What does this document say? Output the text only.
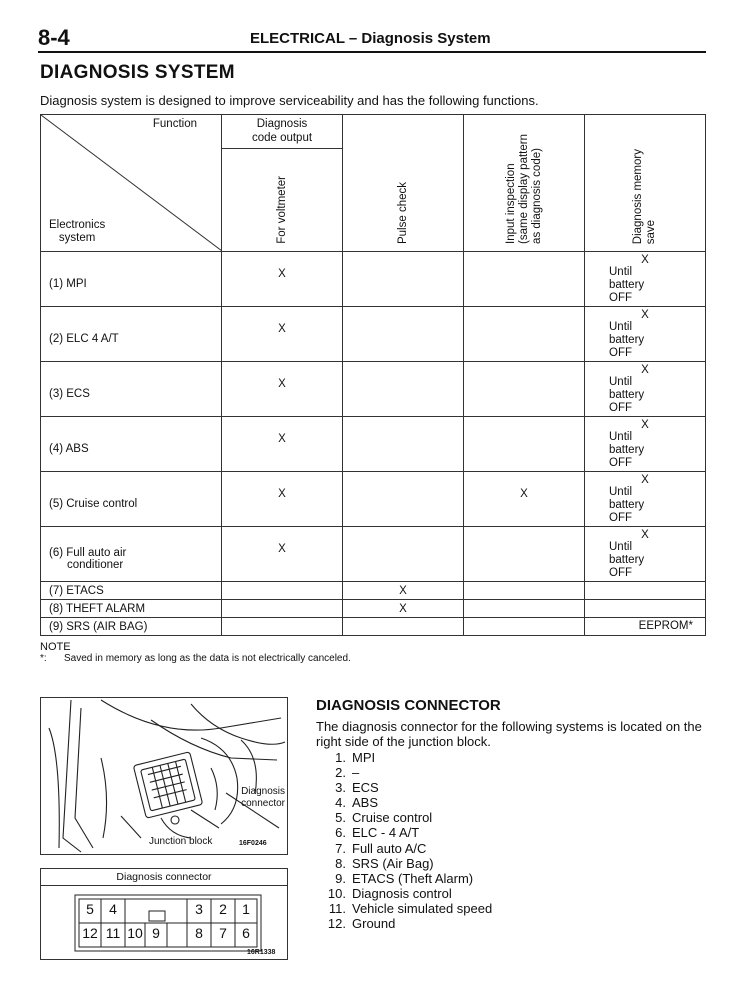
8-4	ELECTRICAL – Diagnosis System
DIAGNOSIS SYSTEM
Diagnosis system is designed to improve serviceability and has the following functions.
Function
Electronics
system	Diagnosis
code output	Pulse check	Input inspection
(same display pattern
as diagnosis code)	Diagnosis memory
save
	For voltmeter			
(1) MPI	X			X
Until
battery
OFF

(2) ELC 4 A/T	X			X
Until
battery
OFF

(3) ECS	X			X
Until
battery
OFF

(4) ABS	X			X
Until
battery
OFF

(5) Cruise control	X		X	X
Until
battery
OFF

(6) Full auto air
conditioner	X			X
Until
battery
OFF

(7) ETACS		X		
(8) THEFT ALARM		X		
(9) SRS (AIR BAG)				EEPROM*
NOTE
*: Saved in memory as long as the data is not electrically canceled.
Diagnosis
connector
Junction block	16F0246
Diagnosis connector
16R1338
5	4	3	2	1
12 11 10 9	8	7	6
DIAGNOSIS CONNECTOR
The diagnosis connector for the following systems is located on the right side of the junction block.
1. MPI
2. –
3. ECS
4. ABS
5. Cruise control
6. ELC - 4 A/T
7. Full auto A/C
8. SRS (Air Bag)
9. ETACS (Theft Alarm)
10. Diagnosis control
11. Vehicle simulated speed
12. Ground
